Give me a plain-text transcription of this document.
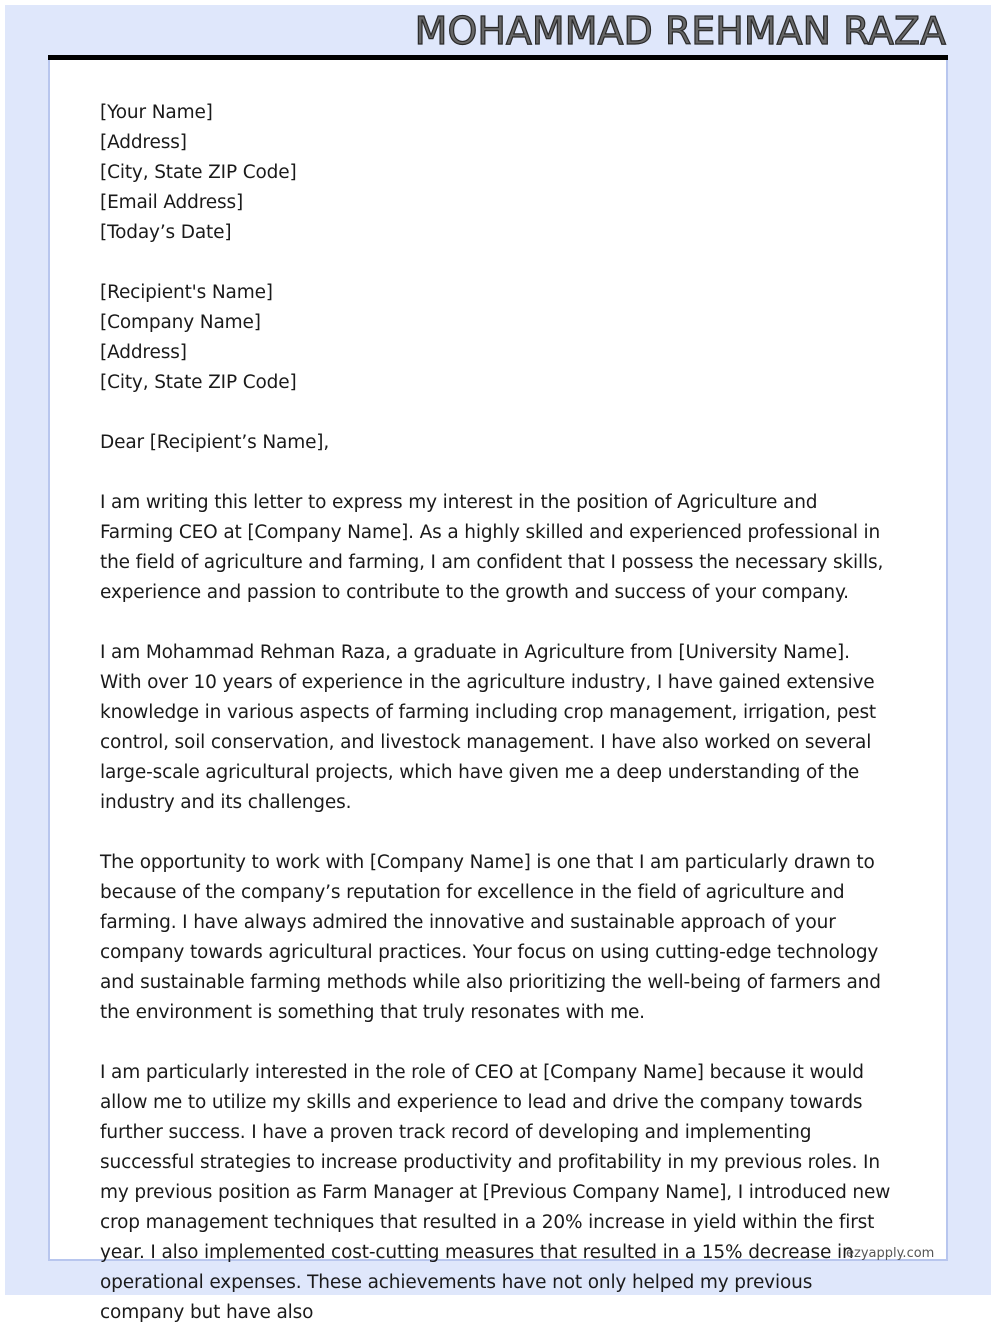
MOHAMMAD REHMAN RAZA
[Your Name]
[Address]
[City, State ZIP Code]
[Email Address]
[Today’s Date]
[Recipient's Name]
[Company Name]
[Address]
[City, State ZIP Code]
Dear [Recipient’s Name],

I am writing this letter to express my interest in the position of Agriculture and Farming CEO at [Company Name]. As a highly skilled and experienced professional in the field of agriculture and farming, I am confident that I possess the necessary skills, experience and passion to contribute to the growth and success of your company.

I am Mohammad Rehman Raza, a graduate in Agriculture from [University Name]. With over 10 years of experience in the agriculture industry, I have gained extensive knowledge in various aspects of farming including crop management, irrigation, pest control, soil conservation, and livestock management. I have also worked on several large-scale agricultural projects, which have given me a deep understanding of the industry and its challenges.

The opportunity to work with [Company Name] is one that I am particularly drawn to because of the company’s reputation for excellence in the field of agriculture and farming. I have always admired the innovative and sustainable approach of your company towards agricultural practices. Your focus on using cutting-edge technology and sustainable farming methods while also prioritizing the well-being of farmers and the environment is something that truly resonates with me.

I am particularly interested in the role of CEO at [Company Name] because it would allow me to utilize my skills and experience to lead and drive the company towards further success. I have a proven track record of developing and implementing successful strategies to increase productivity and profitability in my previous roles. In my previous position as Farm Manager at [Previous Company Name], I introduced new crop management techniques that resulted in a 20% increase in yield within the first year. I also implemented cost-cutting measures that resulted in a 15% decrease in operational expenses. These achievements have not only helped my previous company but have also

ezyapply.com
